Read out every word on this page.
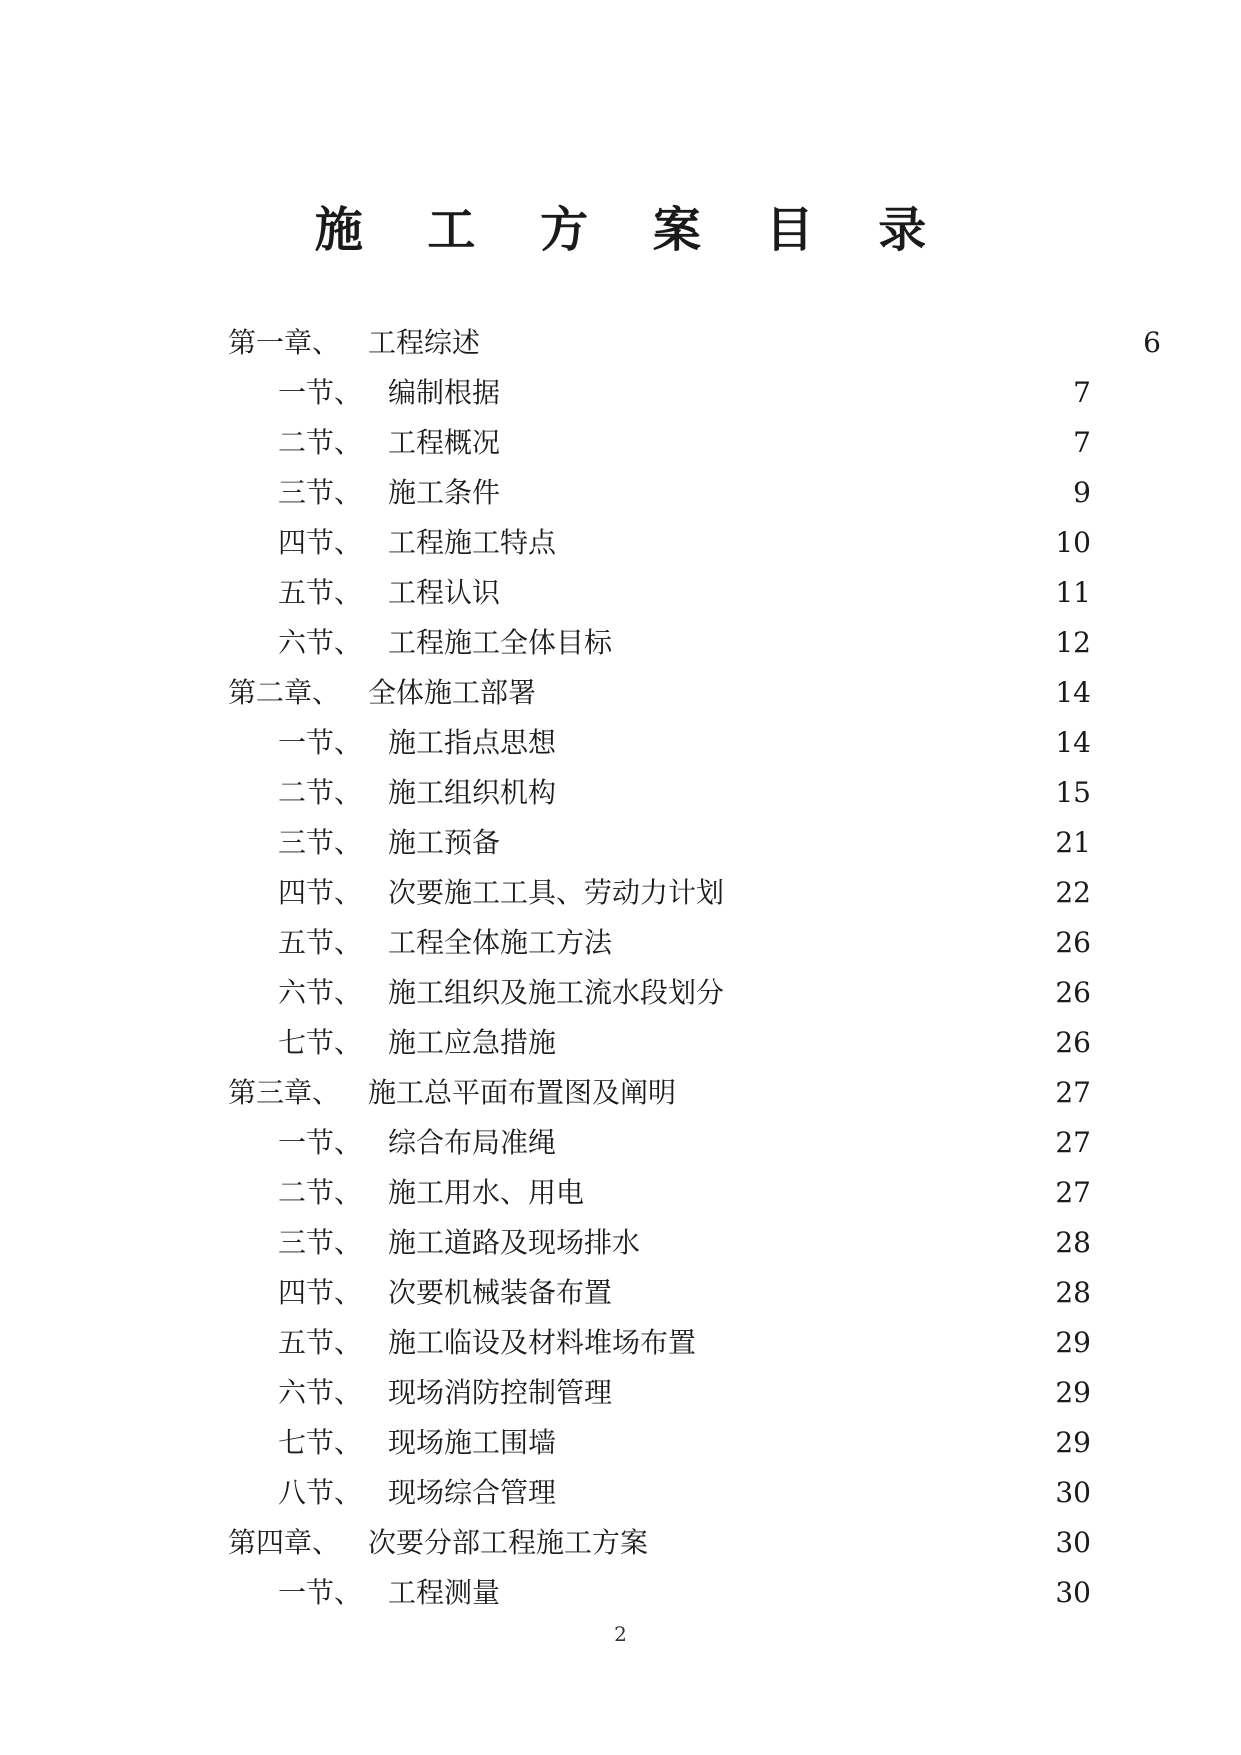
施 工 方 案 目 录
第一章、 工程综述	6
一节、 编制根据	7
二节、 工程概况	7
三节、 施工条件	9
四节、 工程施工特点	10
五节、 工程认识	11
六节、 工程施工全体目标	12
第二章、 全体施工部署	14
一节、 施工指点思想	14
二节、 施工组织机构	15
三节、 施工预备	21
四节、 次要施工工具、劳动力计划	22
五节、 工程全体施工方法	26
六节、 施工组织及施工流水段划分	26
七节、 施工应急措施	26
第三章、 施工总平面布置图及阐明	27
一节、 综合布局准绳	27
二节、 施工用水、用电	27
三节、 施工道路及现场排水	28
四节、 次要机械装备布置	28
五节、 施工临设及材料堆场布置	29
六节、 现场消防控制管理	29
七节、 现场施工围墙	29
八节、 现场综合管理	30
第四章、 次要分部工程施工方案	30
一节、 工程测量	30
2
